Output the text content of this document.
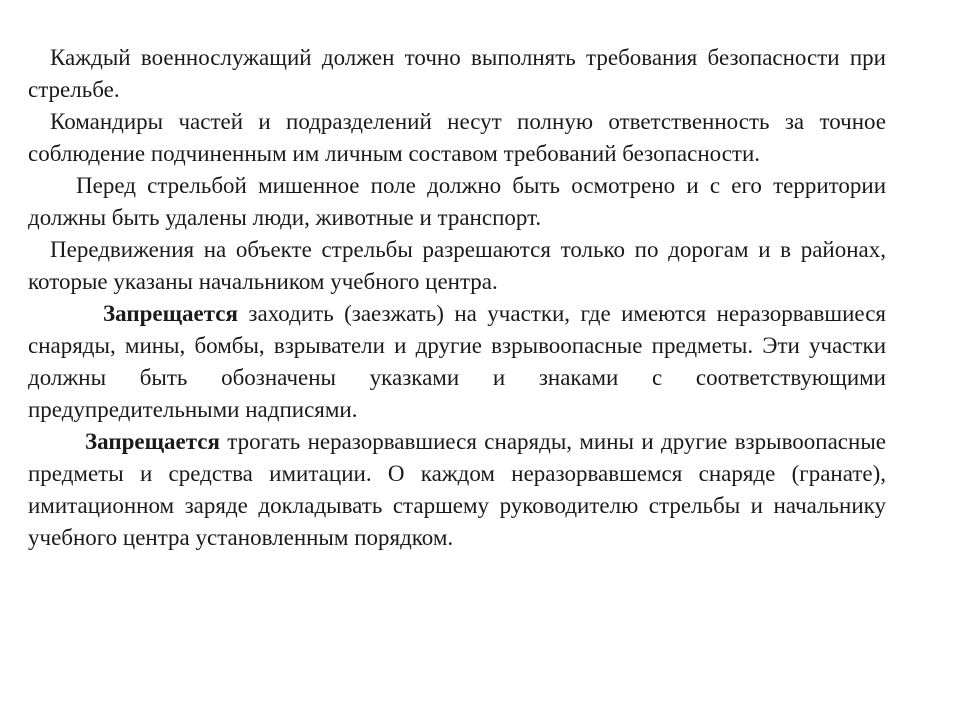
Каждый военнослужащий должен точно выполнять требования безопасности при стрельбе.

Командиры частей и подразделений несут полную ответственность за точное соблюдение подчиненным им личным составом требований безопасности.

Перед стрельбой мишенное поле должно быть осмотрено и с его территории должны быть удалены люди, животные и транспорт.

Передвижения на объекте стрельбы разрешаются только по дорогам и в районах, которые указаны начальником учебного центра.

Запрещается заходить (заезжать) на участки, где имеются неразорвавшиеся снаряды, мины, бомбы, взрыватели и другие взрывоопасные предметы. Эти участки должны быть обозначены указками и знаками с соответствующими предупредительными надписями.

Запрещается трогать неразорвавшиеся снаряды, мины и другие взрывоопасные предметы и средства имитации. О каждом неразорвавшемся снаряде (гранате), имитационном заряде докладывать старшему руководителю стрельбы и начальнику учебного центра установленным порядком.
